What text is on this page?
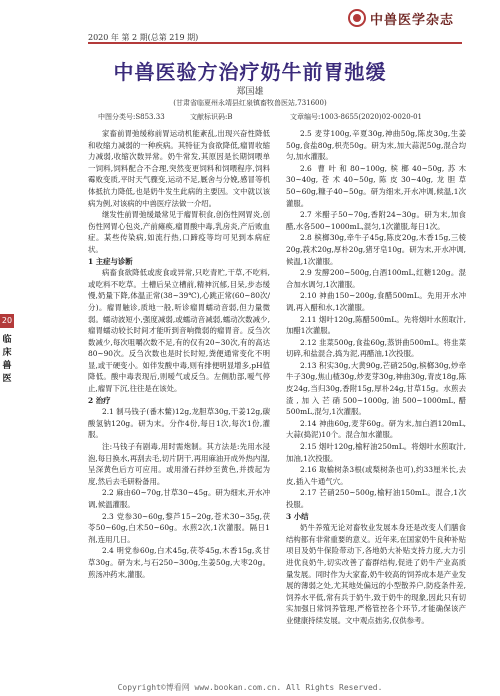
2020 年 第 2 期(总第 219 期)
中兽医学杂志
中兽医验方治疗奶牛前胃弛缓
郑国雄
(甘肃省临夏州永靖县红泉镇畜牧兽医站,731600)
中图分类号:S853.33	文献标识码:B	文章编号:1003-8655(2020)02-0020-01
20
临
床
兽
医

家畜前胃弛缓称前胃运动机能紊乱,出现兴奋性降低和收缩力减弱的一种疾病。其特征为食欲降低,瘤胃收缩力减弱,收缩次数异常。奶牛常发,其原因是长期饲喂单一饲料,饲料配合不合理,突然变更饲料和饲喂程序,饲料霉败变质,平时天气骤变,运动不足,厩舍与分娩,感冒等机体抵抗力降低,也是奶牛发生此病的主要因。文中就以该病为例,对该病的中兽医疗法做一介绍。

继发性前胃弛缓最常见于瘤胃积食,创伤性网胃炎,创伤性网胃心包炎,产前瘫痪,瘤胃酸中毒,乳房炎,产后败血症。某些传染病,如流行热,口蹄疫等均可见到本病症状。

1 主症与诊断

病畜食欲降低或废食或异常,只吃青贮,干草,不吃料,或吃料不吃草。土槽后呆立槽前,精神沉郁,目呆,步态缓慢,奶量下降,体温正常(38~39℃),心跳正常(60~80次/分)。瘤胃触诊,质地一般,听诊瘤胃蠕动音弱,但力量微弱。蠕动波短小,强度减弱,或蠕动音减弱,蠕动次数减少,瘤胃蠕动较长时间才能听到音响微弱的瘤胃音。反刍次数减少,每次咀嚼次数不足,有的仅有20~30次,有的高达80~90次。反刍次数也是时长时短,粪便通常变化不明显,或干硬变小。如伴发酸中毒,则有排便明显增多,pH值降低。酸中毒表现后,则嗳气或反刍。左侧肋部,嗳气停止,瘤胃下沉,往往是在该处。

2 治疗

2.1 制马钱子(番木鳖)12g,龙胆草30g,干姜12g,碳酸氢钠120g。研为末。分作4份,每日1次,每次1份,灌服。

注:马钱子有剧毒,用时需炮制。其方法是:先用水浸泡,每日换水,再刮去毛,切片阴干,再用麻油开成外热内湿,呈深黄色后方可应用。或用滑石拌炒至黄色,并拨起为度,然后去毛研粉备用。

2.2 麻由60~70g,甘草30~45g。研为细末,开水冲调,候温灌服。

2.3 党参30~60g,黎芦15~20g,苍术30~35g,茯苓50~60g,白术50~60g。水煎2次,1次灌服。隔日1剂,连用几日。

2.4 明党参60g,白术45g,茯苓45g,木香15g,炙甘草30g。研为末,与石250~300g,生姜50g,大枣20g。煎汤冲药末,灌服。

2.5 麦芽100g,辛夏30g,神曲50g,陈皮30g,生姜50g,食盐80g,枳壳50g。研为末,加大蒜泥50g,混合均匀,加水灌服。

2.6 曹叶和80~100g,槟榔40~50g,苏木30~40g,苍术40~50g,陈皮30~40g,龙胆草50~60g,糠子40~50g。研为细末,开水冲调,候温,1次灌服。

2.7 米醋子50~70g,香附24~30g。研为末,加食醋,水各500~1000mL,混匀,1次灌服,每日1次。

2.8 槟榔30g,牵牛子45g,陈皮20g,木香15g,三棱20g,莪术20g,厚朴20g,猪牙皂10g。研为末,开水冲调,候温,1次灌服。

2.9 发酵200~500g,白酒100mL,红糖120g。混合加水调匀,1次灌服。

2.10 神曲150~200g,食醋500mL。先用开水冲调,再入醋和水,1次灌服。

2.11 烟叶120g,陈醋500mL。先将烟叶水煎取汁,加醋1次灌服。

2.12 韭菜500g,食盐60g,蒸饼曲500mL。将韭菜切碎,和盐混合,捣为泥,再醋油,1次投服。

2.13 积实30g,大黄90g,芒硝250g,槟榔30g,炒牵牛子30g,焦山楂30g,炒麦芽30g,神曲30g,青皮18g,陈皮24g,当归30g,香附15g,厚朴24g,甘草15g。水煎去渣,加入芒硝500~1000g,油500~1000mL,醋500mL,混匀,1次灌服。

2.14 神曲60g,麦芽60g。研为末,加白酒120mL,大蒜(捣泥)10个。混合加水灌服。

2.15 烟叶120g,榆籽油250mL。将烟叶水煎取汁,加油,1次投服。

2.16 取榆树条3根(或梨树条也可),约33厘米长,去皮,插入牛通气穴。

2.17 芒硝250~500g,榆籽油150mL。混合,1次投服。

3 小结

奶牛养殖无论对畜牧业发展本身还是改变人们膳食结构都有非常重要的意义。近年来,在国家奶牛良种补贴项目及奶牛保险带动下,各地奶大补贴支持力度,大力引进优良奶牛,切实改善了畜群结构,促进了奶牛产业高质量发展。同时作为大家畜,奶牛较高的饲养成本是产业发展的薄弱之处,尤其地处偏远的小型散养户,防疫条件差,饲养水平低,常有兵于奶牛,致于奶牛的现象,因此只有切实加强日常饲养管理,严格管控各个环节,才能确保该产业健康持续发展。文中观点拙劣,仅供参考。

Copyright©博看网 www.bookan.com.cn. All Rights Reserved.
